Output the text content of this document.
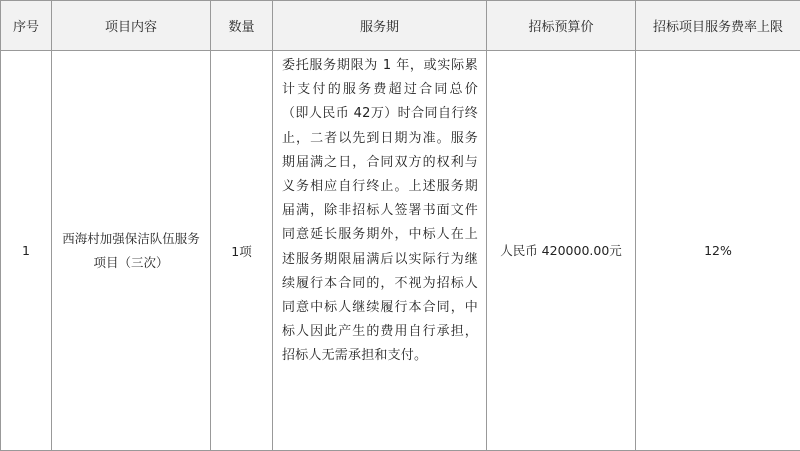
序号	项目内容	数量	服务期	招标预算价	招标项目服务费率上限
1	西海村加强保洁队伍服务项目（三次）	1项	委托服务期限为 1 年，或实际累计支付的服务费超过合同总价（即人民币 42万）时合同自行终止，二者以先到日期为准。服务期届满之日，合同双方的权利与义务相应自行终止。上述服务期届满，除非招标人签署书面文件同意延长服务期外，中标人在上述服务期限届满后以实际行为继续履行本合同的，不视为招标人同意中标人继续履行本合同，中标人因此产生的费用自行承担，招标人无需承担和支付。	人民币 420000.00元	12%
